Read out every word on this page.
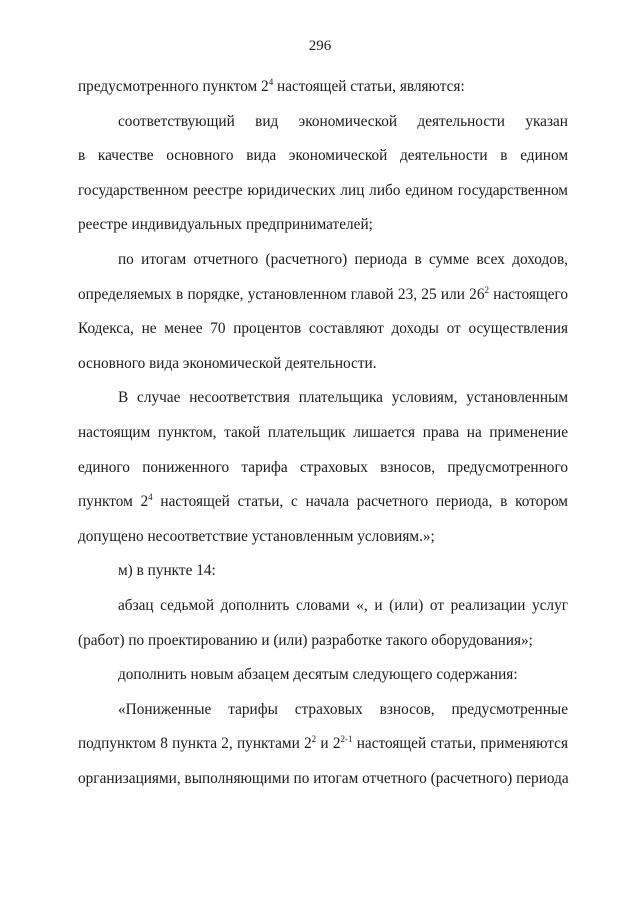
296
предусмотренного пунктом $2^4$ настоящей статьи, являются:
соответствующий вид экономической деятельности указан
в качестве основного вида экономической деятельности в едином
государственном реестре юридических лиц либо едином государственном
реестре индивидуальных предпринимателей;
по итогам отчетного (расчетного) периода в сумме всех доходов,
определяемых в порядке, установленном главой 23, 25 или $26^2$ настоящего
Кодекса, не менее 70 процентов составляют доходы от осуществления
основного вида экономической деятельности.
В случае несоответствия плательщика условиям, установленным
настоящим пунктом, такой плательщик лишается права на применение
единого пониженного тарифа страховых взносов, предусмотренного
пунктом $2^4$ настоящей статьи, с начала расчетного периода, в котором
допущено несоответствие установленным условиям.»;
м) в пункте 14:
абзац седьмой дополнить словами «, и (или) от реализации услуг
(работ) по проектированию и (или) разработке такого оборудования»;
дополнить новым абзацем десятым следующего содержания:
«Пониженные тарифы страховых взносов, предусмотренные
подпунктом 8 пункта 2, пунктами $2^2$ и 2$^{2-1}$ настоящей статьи, применяются
организациями, выполняющими по итогам отчетного (расчетного) периода
